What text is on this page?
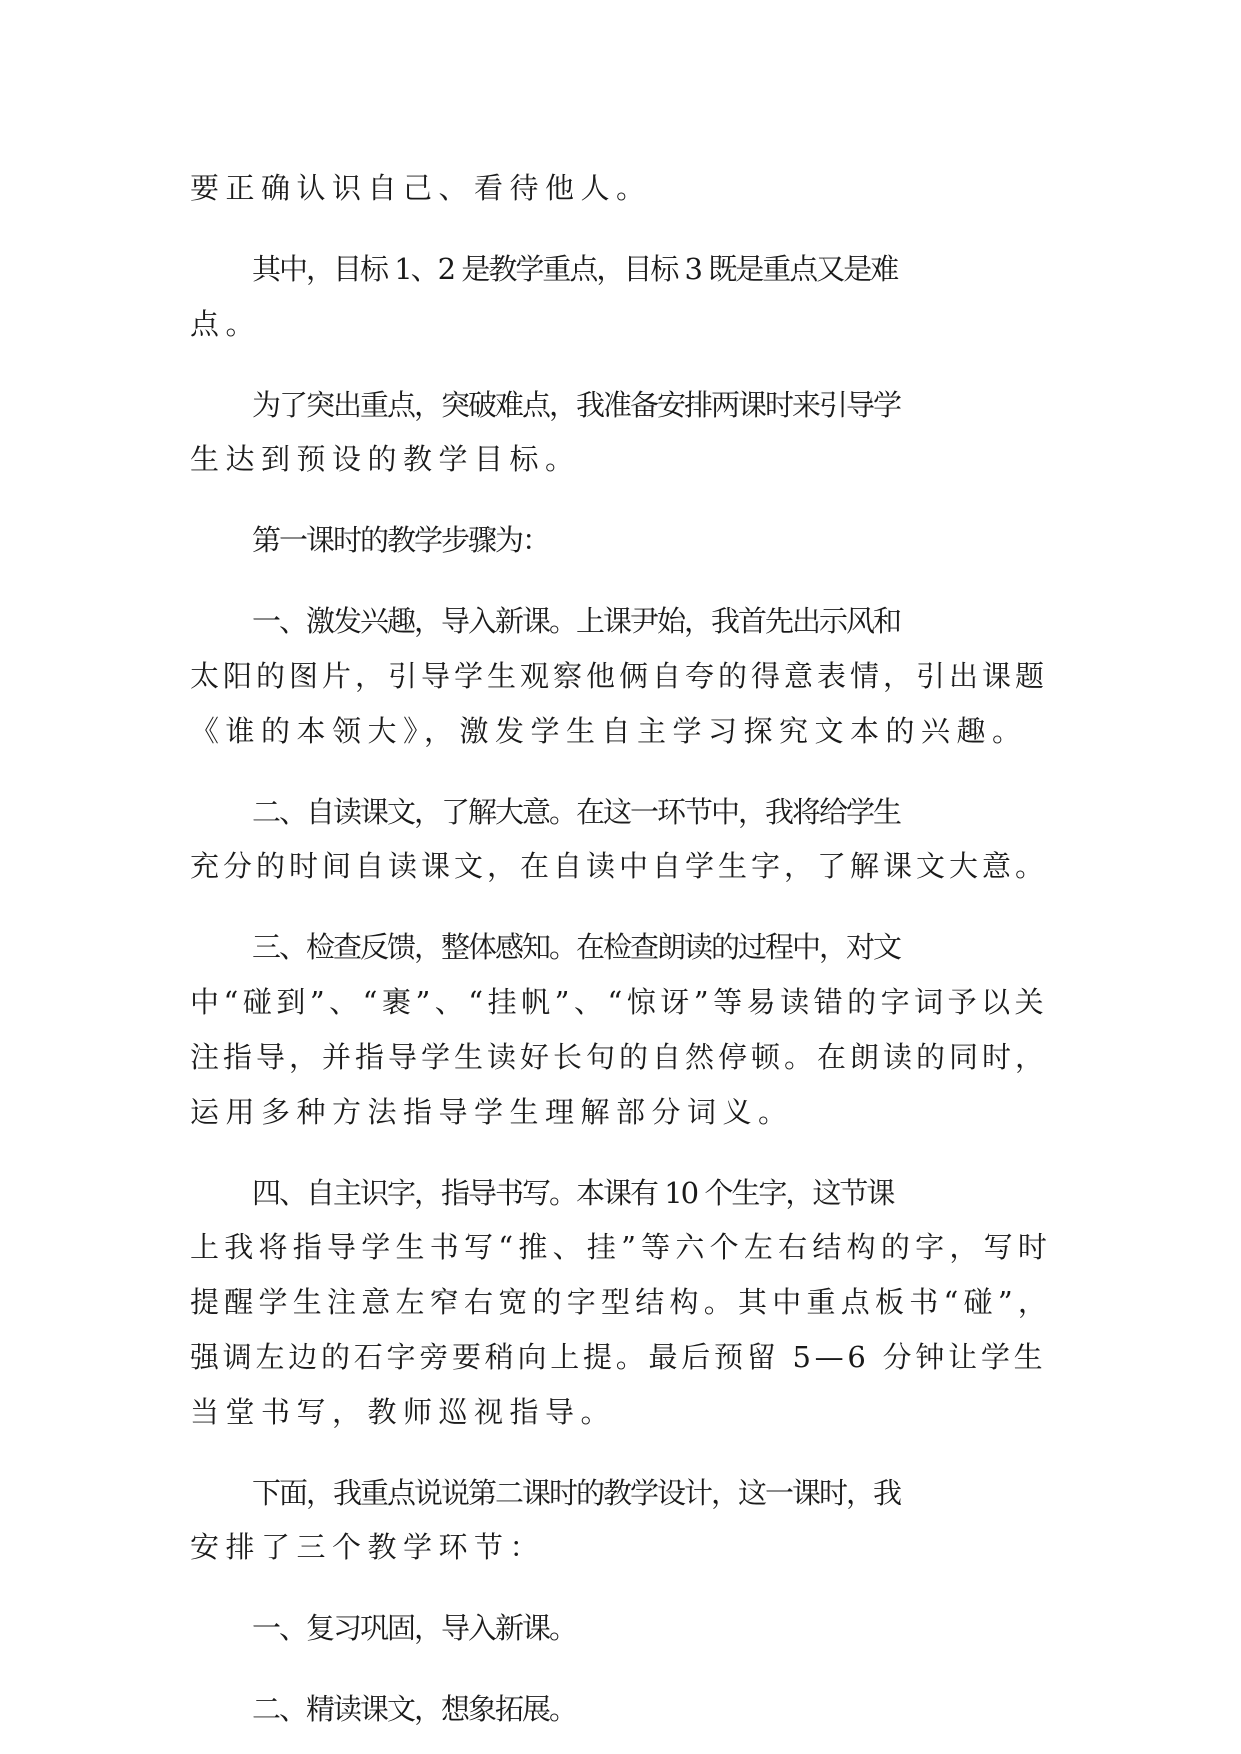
要正确认识自己、看待他人。
其中，目标 1、2 是教学重点，目标 3 既是重点又是难
点。
为了突出重点，突破难点，我准备安排两课时来引导学
生达到预设的教学目标。
第一课时的教学步骤为：
一、激发兴趣，导入新课。上课尹始，我首先出示风和
太阳的图片，引导学生观察他俩自夸的得意表情，引出课题
《谁的本领大》，激发学生自主学习探究文本的兴趣。
二、自读课文，了解大意。在这一环节中，我将给学生
充分的时间自读课文，在自读中自学生字，了解课文大意。
三、检查反馈，整体感知。在检查朗读的过程中，对文
中“碰到”、“裹”、“挂帆”、“惊讶”等易读错的字词予以关
注指导，并指导学生读好长句的自然停顿。在朗读的同时，
运用多种方法指导学生理解部分词义。
四、自主识字，指导书写。本课有 10 个生字，这节课
上我将指导学生书写“推、挂”等六个左右结构的字，写时
提醒学生注意左窄右宽的字型结构。其中重点板书“碰”，
强调左边的石字旁要稍向上提。最后预留 5—6 分钟让学生
当堂书写，教师巡视指导。
下面，我重点说说第二课时的教学设计，这一课时，我
安排了三个教学环节：
一、复习巩固，导入新课。
二、精读课文，想象拓展。
